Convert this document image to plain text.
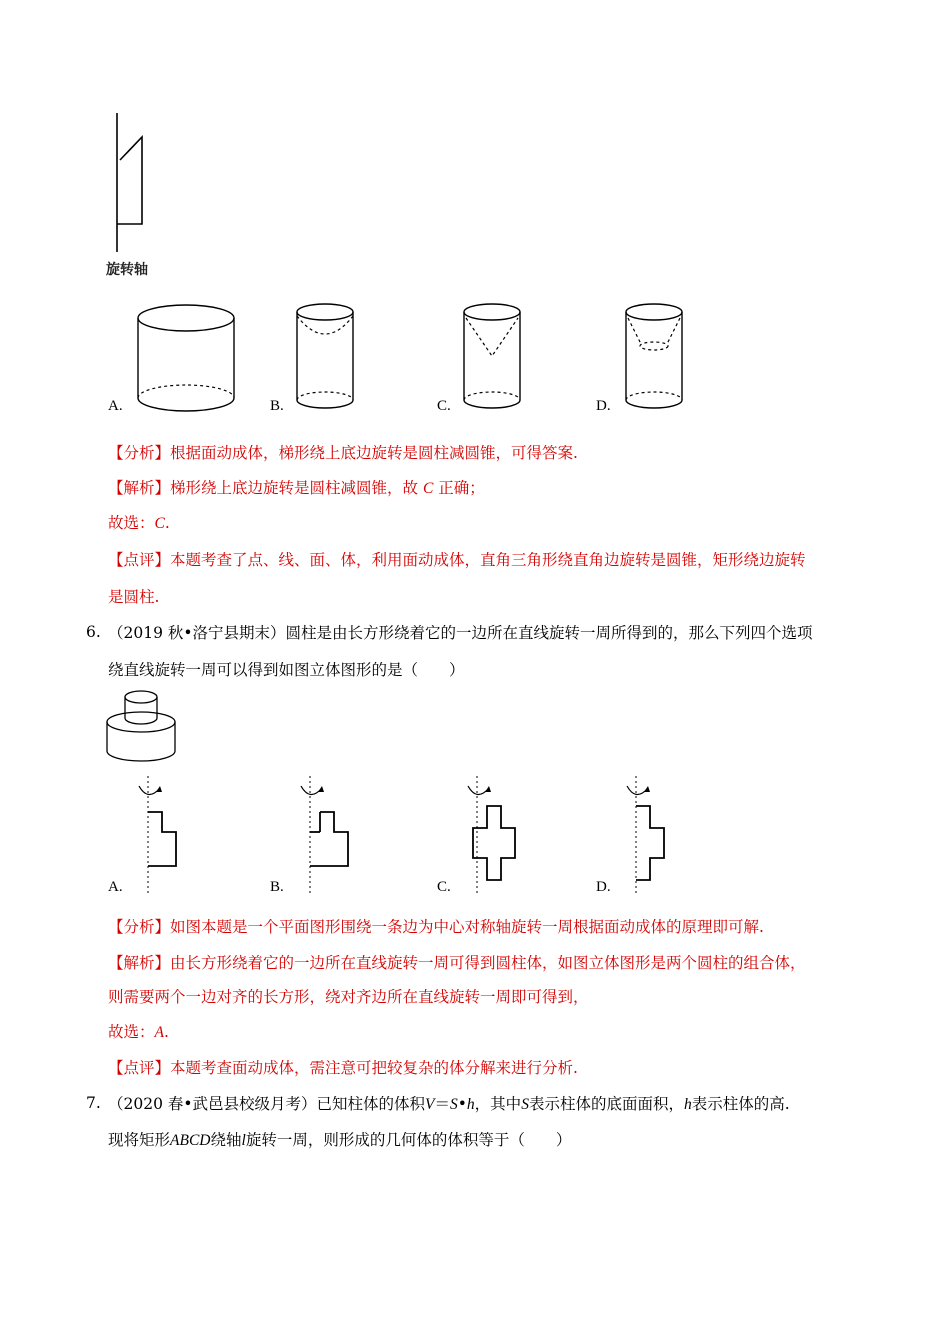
旋转轴
A.	B.	C.	D.
【分析】根据面动成体，梯形绕上底边旋转是圆柱减圆锥，可得答案.
【解析】梯形绕上底边旋转是圆柱减圆锥，故 C 正确；
故选：C.
【点评】本题考查了点、线、面、体，利用面动成体，直角三角形绕直角边旋转是圆锥，矩形绕边旋转
是圆柱.
6. （2019 秋•洛宁县期末）圆柱是由长方形绕着它的一边所在直线旋转一周所得到的，那么下列四个选项
绕直线旋转一周可以得到如图立体图形的是（　　）
A.	B.	C.	D.
【分析】如图本题是一个平面图形围绕一条边为中心对称轴旋转一周根据面动成体的原理即可解.
【解析】由长方形绕着它的一边所在直线旋转一周可得到圆柱体，如图立体图形是两个圆柱的组合体，
则需要两个一边对齐的长方形，绕对齐边所在直线旋转一周即可得到，
故选：A.
【点评】本题考查面动成体，需注意可把较复杂的体分解来进行分析.
7. （2020 春•武邑县校级月考）已知柱体的体积V＝S•h，其中S表示柱体的底面面积，h表示柱体的高.
现将矩形ABCD绕轴l旋转一周，则形成的几何体的体积等于（　　）
